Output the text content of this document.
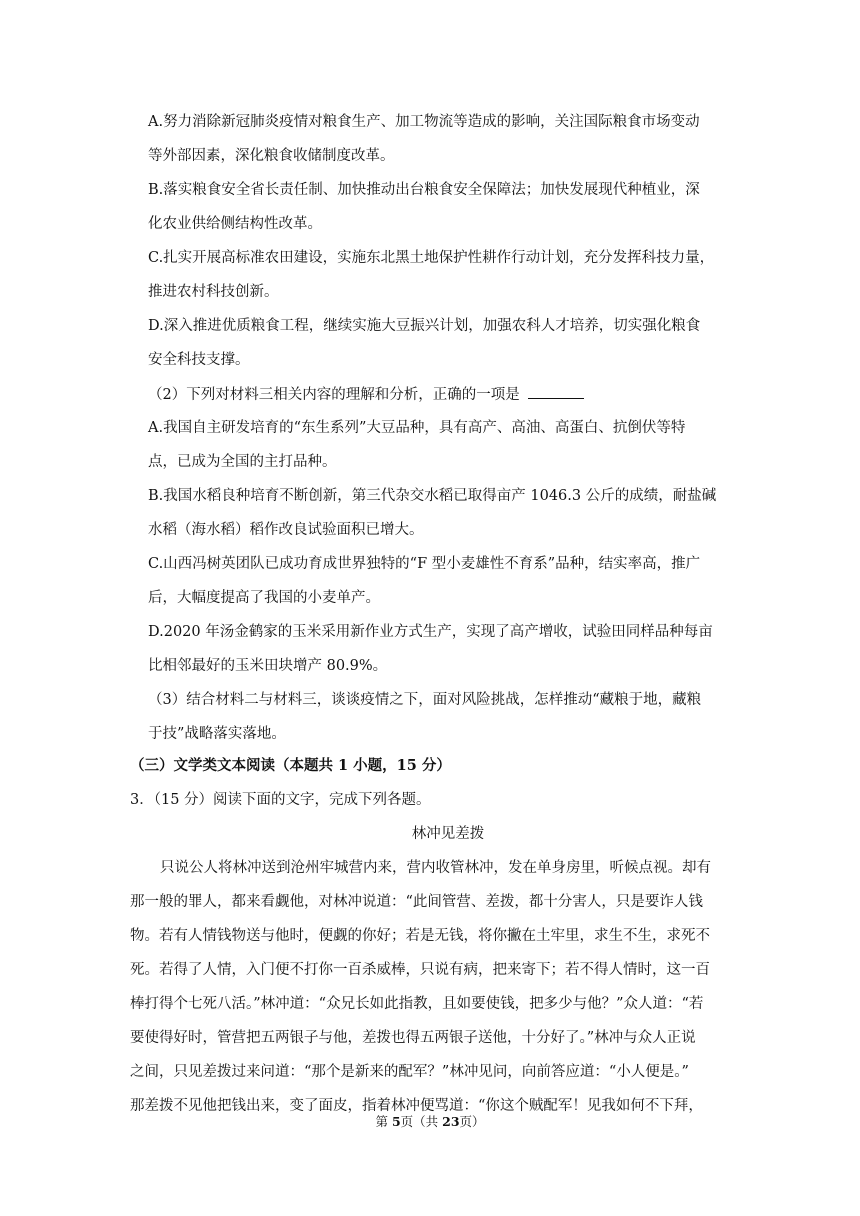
A.努力消除新冠肺炎疫情对粮食生产、加工物流等造成的影响，关注国际粮食市场变动
等外部因素，深化粮食收储制度改革。
B.落实粮食安全省长责任制、加快推动出台粮食安全保障法；加快发展现代种植业，深
化农业供给侧结构性改革。
C.扎实开展高标准农田建设，实施东北黑土地保护性耕作行动计划，充分发挥科技力量，
推进农村科技创新。
D.深入推进优质粮食工程，继续实施大豆振兴计划，加强农科人才培养，切实强化粮食
安全科技支撑。
（2）下列对材料三相关内容的理解和分析，正确的一项是
A.我国自主研发培育的“东生系列”大豆品种，具有高产、高油、高蛋白、抗倒伏等特
点，已成为全国的主打品种。
B.我国水稻良种培育不断创新，第三代杂交水稻已取得亩产 1046.3 公斤的成绩，耐盐碱
水稻（海水稻）稻作改良试验面积已增大。
C.山西冯树英团队已成功育成世界独特的“F 型小麦雄性不育系”品种，结实率高，推广
后，大幅度提高了我国的小麦单产。
D.2020 年汤金鹤家的玉米采用新作业方式生产，实现了高产增收，试验田同样品种每亩
比相邻最好的玉米田块增产 80.9%。
（3）结合材料二与材料三，谈谈疫情之下，面对风险挑战，怎样推动“藏粮于地，藏粮
于技”战略落实落地。
（三）文学类文本阅读（本题共 1 小题，15 分）
3．（15 分）阅读下面的文字，完成下列各题。
林冲见差拨
只说公人将林冲送到沧州牢城营内来，营内收管林冲，发在单身房里，听候点视。却有
那一般的罪人，都来看觑他，对林冲说道：“此间管营、差拨，都十分害人，只是要诈人钱
物。若有人情钱物送与他时，便觑的你好；若是无钱，将你撇在土牢里，求生不生，求死不
死。若得了人情，入门便不打你一百杀威棒，只说有病，把来寄下；若不得人情时，这一百
棒打得个七死八活。”林冲道：“众兄长如此指教，且如要使钱，把多少与他？”众人道：“若
要使得好时，管营把五两银子与他，差拨也得五两银子送他，十分好了。”林冲与众人正说
之间，只见差拨过来问道：“那个是新来的配军？”林冲见问，向前答应道：“小人便是。”
那差拨不见他把钱出来，变了面皮，指着林冲便骂道：“你这个贼配军！见我如何不下拜，
第 5页（共 23页）
